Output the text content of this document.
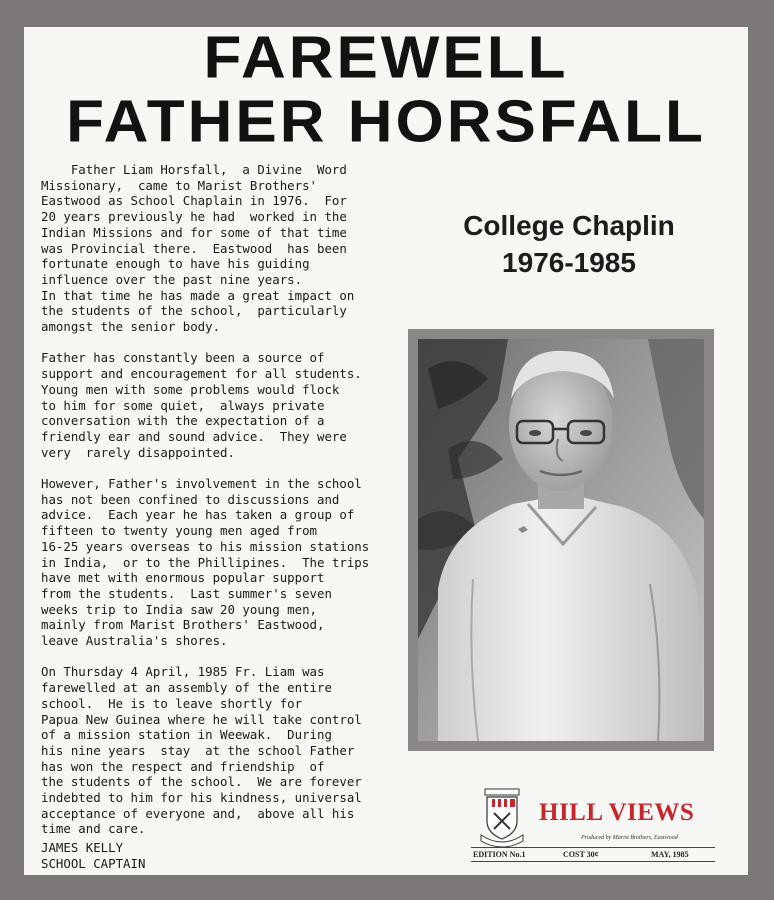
FAREWELL
FATHER HORSFALL

Father Liam Horsfall,  a Divine  Word
Missionary,  came to Marist Brothers'
Eastwood as School Chaplain in 1976.  For
20 years previously he had  worked in the
Indian Missions and for some of that time
was Provincial there.  Eastwood  has been
fortunate enough to have his guiding
influence over the past nine years.
In that time he has made a great impact on
the students of the school,  particularly
amongst the senior body.

Father has constantly been a source of
support and encouragement for all students.
Young men with some problems would flock
to him for some quiet,  always private
conversation with the expectation of a
friendly ear and sound advice.  They were
very  rarely disappointed.

However, Father's involvement in the school
has not been confined to discussions and
advice.  Each year he has taken a group of
fifteen to twenty young men aged from
16-25 years overseas to his mission stations
in India,  or to the Phillipines.  The trips
have met with enormous popular support
from the students.  Last summer's seven
weeks trip to India saw 20 young men,
mainly from Marist Brothers' Eastwood,
leave Australia's shores.

On Thursday 4 April, 1985 Fr. Liam was
farewelled at an assembly of the entire
school.  He is to leave shortly for
Papua New Guinea where he will take control
of a mission station in Weewak.  During
his nine years  stay  at the school Father
has won the respect and friendship  of
the students of the school.  We are forever
indebted to him for his kindness, universal
acceptance of everyone and,  above all his
time and care.

JAMES KELLY
SCHOOL CAPTAIN

College Chaplin
1976-1985
HILL VIEWS
Produced by Marist Brothers, Eastwood
EDITION No.1	COST 30¢	MAY, 1985
